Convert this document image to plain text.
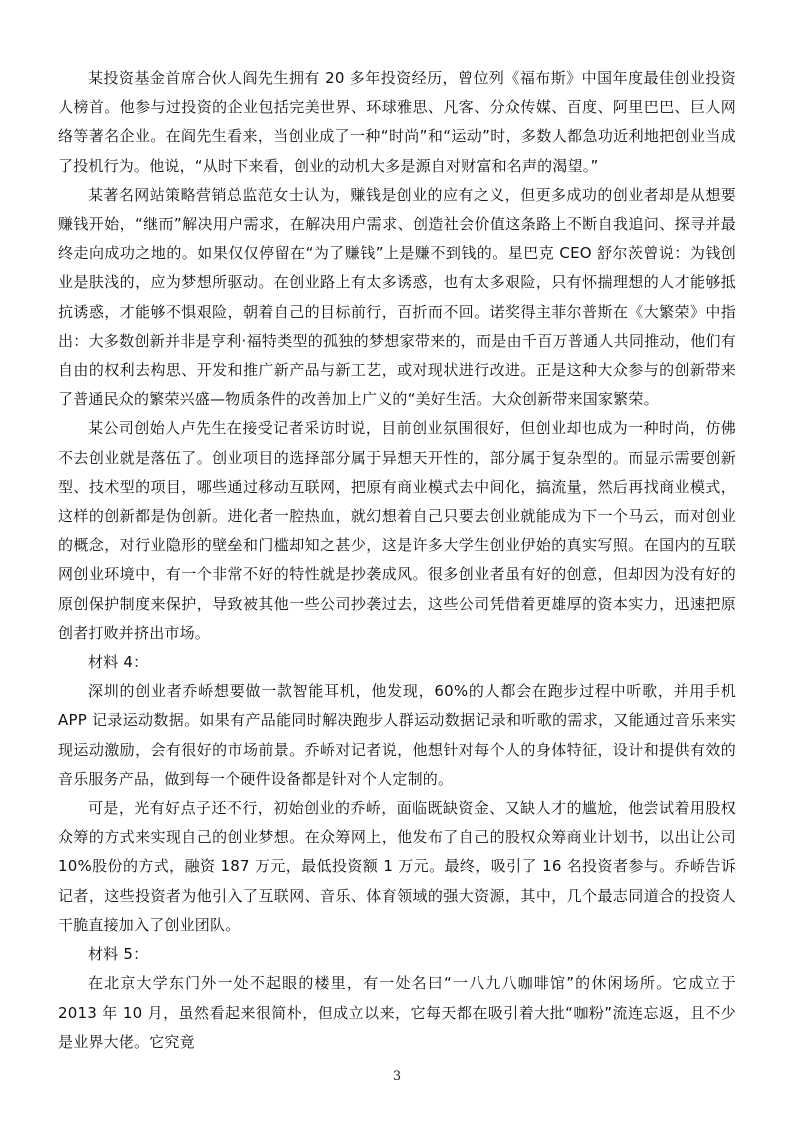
某投资基金首席合伙人阎先生拥有 20 多年投资经历，曾位列《福布斯》中国年度最佳创业投资人榜首。他参与过投资的企业包括完美世界、环球雅思、凡客、分众传媒、百度、阿里巴巴、巨人网络等著名企业。在阎先生看来，当创业成了一种“时尚”和“运动”时，多数人都急功近利地把创业当成了投机行为。他说，“从时下来看，创业的动机大多是源自对财富和名声的渴望。”

某著名网站策略营销总监范女士认为，赚钱是创业的应有之义，但更多成功的创业者却是从想要赚钱开始，“继而”解决用户需求，在解决用户需求、创造社会价值这条路上不断自我追问、探寻并最终走向成功之地的。如果仅仅停留在“为了赚钱”上是赚不到钱的。星巴克 CEO 舒尔茨曾说：为钱创业是肤浅的，应为梦想所驱动。在创业路上有太多诱惑，也有太多艰险，只有怀揣理想的人才能够抵抗诱惑，才能够不惧艰险，朝着自己的目标前行，百折而不回。诺奖得主菲尔普斯在《大繁荣》中指出：大多数创新并非是亨利·福特类型的孤独的梦想家带来的，而是由千百万普通人共同推动，他们有自由的权利去构思、开发和推广新产品与新工艺，或对现状进行改进。正是这种大众参与的创新带来了普通民众的繁荣兴盛—物质条件的改善加上广义的“美好生活。大众创新带来国家繁荣。

某公司创始人卢先生在接受记者采访时说，目前创业氛围很好，但创业却也成为一种时尚，仿佛不去创业就是落伍了。创业项目的选择部分属于异想天开性的，部分属于复杂型的。而显示需要创新型、技术型的项目，哪些通过移动互联网，把原有商业模式去中间化，搞流量，然后再找商业模式，这样的创新都是伪创新。进化者一腔热血，就幻想着自己只要去创业就能成为下一个马云，而对创业的概念，对行业隐形的壁垒和门槛却知之甚少，这是许多大学生创业伊始的真实写照。在国内的互联网创业环境中，有一个非常不好的特性就是抄袭成风。很多创业者虽有好的创意，但却因为没有好的原创保护制度来保护，导致被其他一些公司抄袭过去，这些公司凭借着更雄厚的资本实力，迅速把原创者打败并挤出市场。

材料 4：

深圳的创业者乔峤想要做一款智能耳机，他发现，60%的人都会在跑步过程中听歌，并用手机 APP 记录运动数据。如果有产品能同时解决跑步人群运动数据记录和听歌的需求，又能通过音乐来实现运动激励，会有很好的市场前景。乔峤对记者说，他想针对每个人的身体特征，设计和提供有效的音乐服务产品，做到每一个硬件设备都是针对个人定制的。

可是，光有好点子还不行，初始创业的乔峤，面临既缺资金、又缺人才的尴尬，他尝试着用股权众筹的方式来实现自己的创业梦想。在众筹网上，他发布了自己的股权众筹商业计划书，以出让公司 10%股份的方式，融资 187 万元，最低投资额 1 万元。最终，吸引了 16 名投资者参与。乔峤告诉记者，这些投资者为他引入了互联网、音乐、体育领域的强大资源，其中，几个最志同道合的投资人干脆直接加入了创业团队。

材料 5：

在北京大学东门外一处不起眼的楼里，有一处名曰“一八九八咖啡馆”的休闲场所。它成立于 2013 年 10 月，虽然看起来很简朴，但成立以来，它每天都在吸引着大批“咖粉”流连忘返，且不少是业界大佬。它究竟

3
